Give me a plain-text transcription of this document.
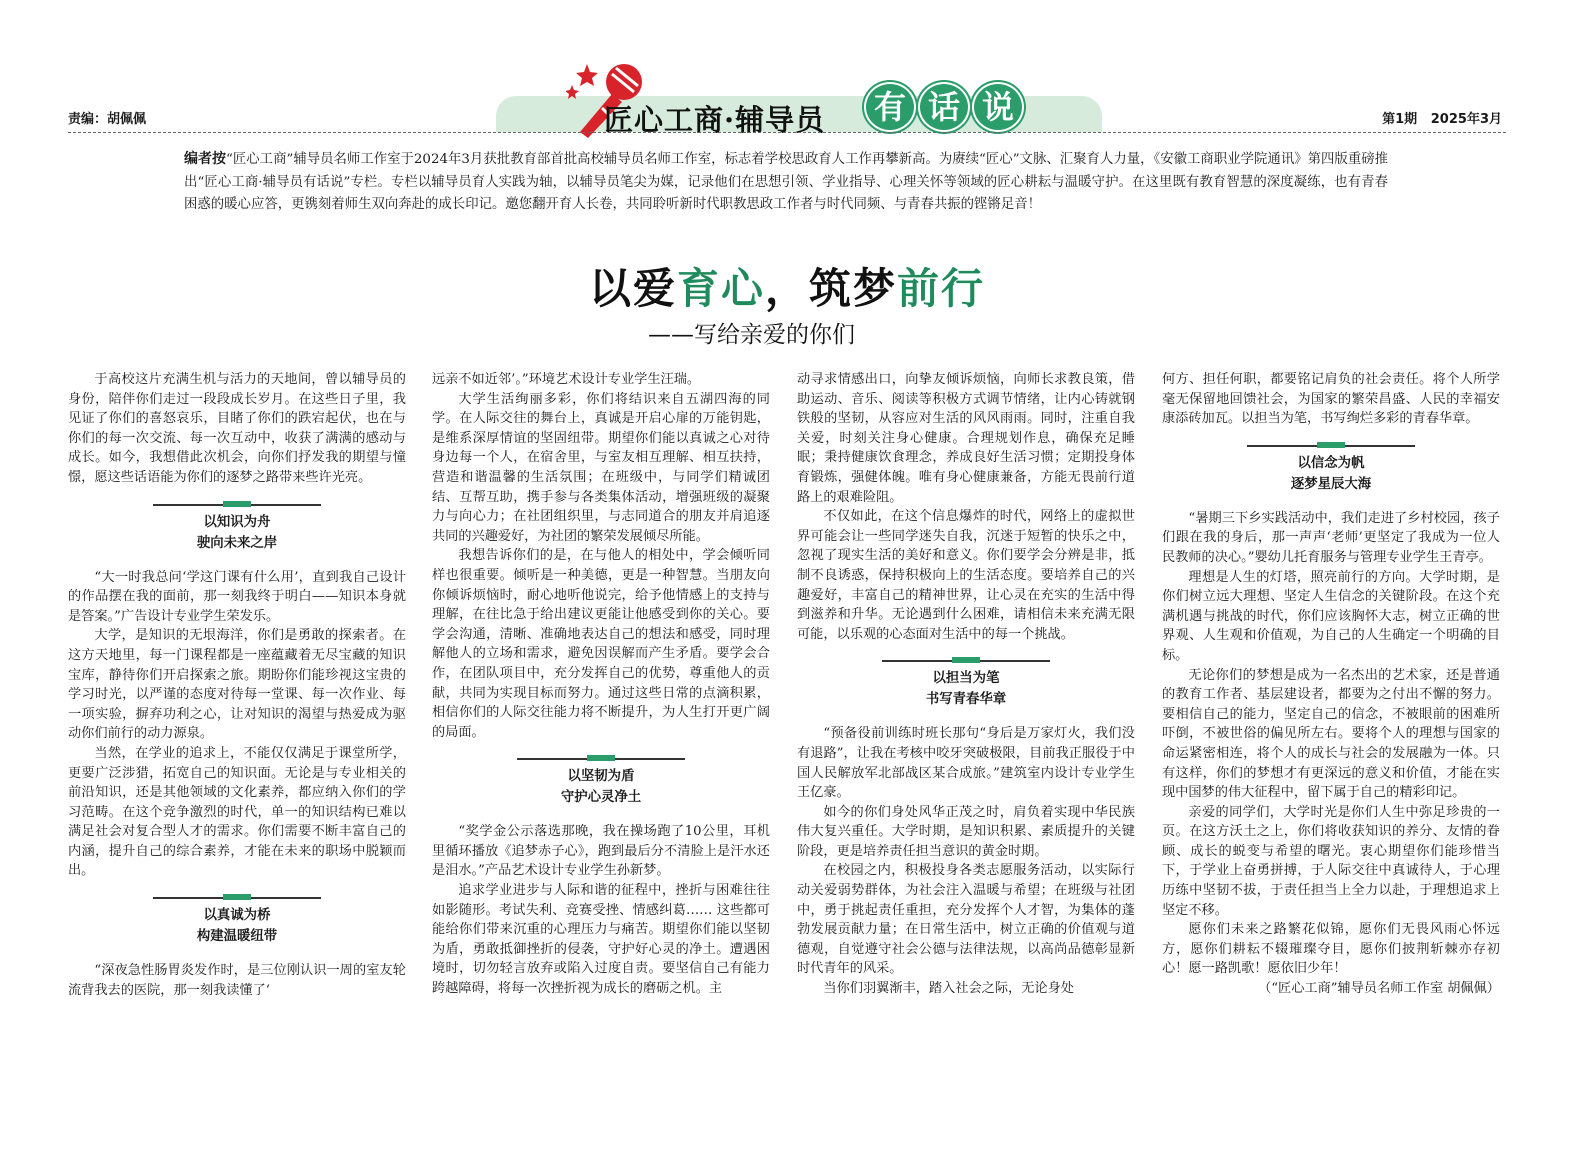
责编：胡佩佩	匠心工商·辅导员	有 话 说	第1期 2025年3月
编者按“匠心工商”辅导员名师工作室于2024年3月获批教育部首批高校辅导员名师工作室，标志着学校思政育人工作再攀新高。为赓续“匠心”文脉、汇聚育人力量，《安徽工商职业学院通讯》第四版重磅推出“匠心工商·辅导员有话说”专栏。专栏以辅导员育人实践为轴，以辅导员笔尖为媒，记录他们在思想引领、学业指导、心理关怀等领域的匠心耕耘与温暖守护。在这里既有教育智慧的深度凝练，也有青春困惑的暖心应答，更镌刻着师生双向奔赴的成长印记。邀您翻开育人长卷，共同聆听新时代职教思政工作者与时代同频、与青春共振的铿锵足音！
以爱育心，筑梦前行
——写给亲爱的你们

于高校这片充满生机与活力的天地间，曾以辅导员的身份，陪伴你们走过一段段成长岁月。在这些日子里，我见证了你们的喜怒哀乐，目睹了你们的跌宕起伏，也在与你们的每一次交流、每一次互动中，收获了满满的感动与成长。如今，我想借此次机会，向你们抒发我的期望与憧憬，愿这些话语能为你们的逐梦之路带来些许光亮。

以知识为舟
驶向未来之岸

“大一时我总问‘学这门课有什么用’，直到我自己设计的作品摆在我的面前，那一刻我终于明白——知识本身就是答案。”广告设计专业学生荣发乐。

大学，是知识的无垠海洋，你们是勇敢的探索者。在这方天地里，每一门课程都是一座蕴藏着无尽宝藏的知识宝库，静待你们开启探索之旅。期盼你们能珍视这宝贵的学习时光，以严谨的态度对待每一堂课、每一次作业、每一项实验，摒弃功利之心，让对知识的渴望与热爱成为驱动你们前行的动力源泉。

当然，在学业的追求上，不能仅仅满足于课堂所学，更要广泛涉猎，拓宽自己的知识面。无论是与专业相关的前沿知识，还是其他领域的文化素养，都应纳入你们的学习范畴。在这个竞争激烈的时代，单一的知识结构已难以满足社会对复合型人才的需求。你们需要不断丰富自己的内涵，提升自己的综合素养，才能在未来的职场中脱颖而出。

以真诚为桥
构建温暖纽带

“深夜急性肠胃炎发作时，是三位刚认识一周的室友轮流背我去的医院，那一刻我读懂了‘

远亲不如近邻’。”环境艺术设计专业学生汪瑞。

大学生活绚丽多彩，你们将结识来自五湖四海的同学。在人际交往的舞台上，真诚是开启心扉的万能钥匙，是维系深厚情谊的坚固纽带。期望你们能以真诚之心对待身边每一个人，在宿舍里，与室友相互理解、相互扶持，营造和谐温馨的生活氛围；在班级中，与同学们精诚团结、互帮互助，携手参与各类集体活动，增强班级的凝聚力与向心力；在社团组织里，与志同道合的朋友并肩追逐共同的兴趣爱好，为社团的繁荣发展倾尽所能。

我想告诉你们的是，在与他人的相处中，学会倾听同样也很重要。倾听是一种美德，更是一种智慧。当朋友向你倾诉烦恼时，耐心地听他说完，给予他情感上的支持与理解，在往比急于给出建议更能让他感受到你的关心。要学会沟通，清晰、准确地表达自己的想法和感受，同时理解他人的立场和需求，避免因误解而产生矛盾。要学会合作，在团队项目中，充分发挥自己的优势，尊重他人的贡献，共同为实现目标而努力。通过这些日常的点滴积累，相信你们的人际交往能力将不断提升，为人生打开更广阔的局面。

以坚韧为盾
守护心灵净土

“奖学金公示落选那晚，我在操场跑了10公里，耳机里循环播放《追梦赤子心》，跑到最后分不清脸上是汗水还是泪水。”产品艺术设计专业学生孙新梦。

追求学业进步与人际和谐的征程中，挫折与困难往往如影随形。考试失利、竞赛受挫、情感纠葛…… 这些都可能给你们带来沉重的心理压力与痛苦。期望你们能以坚韧为盾，勇敢抵御挫折的侵袭，守护好心灵的净土。遭遇困境时，切勿轻言放弃或陷入过度自责。要坚信自己有能力跨越障碍，将每一次挫折视为成长的磨砺之机。主

动寻求情感出口，向挚友倾诉烦恼，向师长求教良策，借助运动、音乐、阅读等积极方式调节情绪，让内心铸就钢铁般的坚韧，从容应对生活的风风雨雨。同时，注重自我关爱，时刻关注身心健康。合理规划作息，确保充足睡眠；秉持健康饮食理念，养成良好生活习惯；定期投身体育锻炼，强健体魄。唯有身心健康兼备，方能无畏前行道路上的艰难险阻。

不仅如此，在这个信息爆炸的时代，网络上的虚拟世界可能会让一些同学迷失自我，沉迷于短暂的快乐之中，忽视了现实生活的美好和意义。你们要学会分辨是非，抵制不良诱惑，保持积极向上的生活态度。要培养自己的兴趣爱好，丰富自己的精神世界，让心灵在充实的生活中得到滋养和升华。无论遇到什么困难，请相信未来充满无限可能，以乐观的心态面对生活中的每一个挑战。

以担当为笔
书写青春华章

“预备役前训练时班长那句“身后是万家灯火，我们没有退路”，让我在考核中咬牙突破极限，目前我正服役于中国人民解放军北部战区某合成旅。”建筑室内设计专业学生王亿豪。

如今的你们身处风华正茂之时，肩负着实现中华民族伟大复兴重任。大学时期，是知识积累、素质提升的关键阶段，更是培养责任担当意识的黄金时期。

在校园之内，积极投身各类志愿服务活动，以实际行动关爱弱势群体，为社会注入温暖与希望；在班级与社团中，勇于挑起责任重担，充分发挥个人才智，为集体的蓬勃发展贡献力量；在日常生活中，树立正确的价值观与道德观，自觉遵守社会公德与法律法规，以高尚品德彰显新时代青年的风采。

当你们羽翼渐丰，踏入社会之际，无论身处

何方、担任何职，都要铭记肩负的社会责任。将个人所学毫无保留地回馈社会，为国家的繁荣昌盛、人民的幸福安康添砖加瓦。以担当为笔，书写绚烂多彩的青春华章。

以信念为帆
逐梦星辰大海

“暑期三下乡实践活动中，我们走进了乡村校园，孩子们跟在我的身后，那一声声‘老师’更坚定了我成为一位人民教师的决心。”婴幼儿托育服务与管理专业学生王青亭。

理想是人生的灯塔，照亮前行的方向。大学时期，是你们树立远大理想、坚定人生信念的关键阶段。在这个充满机遇与挑战的时代，你们应该胸怀大志，树立正确的世界观、人生观和价值观，为自己的人生确定一个明确的目标。

无论你们的梦想是成为一名杰出的艺术家，还是普通的教育工作者、基层建设者，都要为之付出不懈的努力。要相信自己的能力，坚定自己的信念，不被眼前的困难所吓倒，不被世俗的偏见所左右。要将个人的理想与国家的命运紧密相连，将个人的成长与社会的发展融为一体。只有这样，你们的梦想才有更深远的意义和价值，才能在实现中国梦的伟大征程中，留下属于自己的精彩印记。

亲爱的同学们，大学时光是你们人生中弥足珍贵的一页。在这方沃土之上，你们将收获知识的养分、友情的眷顾、成长的蜕变与希望的曙光。衷心期望你们能珍惜当下，于学业上奋勇拼搏，于人际交往中真诚待人，于心理历练中坚韧不拔，于责任担当上全力以赴，于理想追求上坚定不移。

愿你们未来之路繁花似锦，愿你们无畏风雨心怀远方，愿你们耕耘不辍璀璨夺目，愿你们披荆斩棘亦存初心！愿一路凯歌！愿依旧少年！

（“匠心工商”辅导员名师工作室 胡佩佩）
